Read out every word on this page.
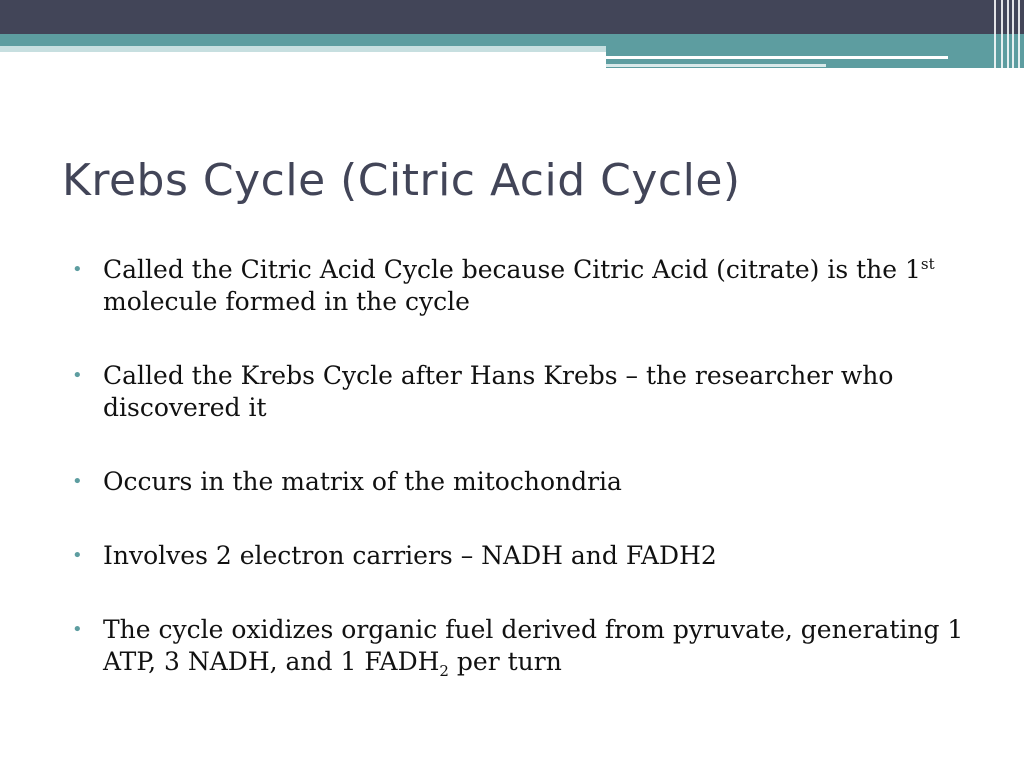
Krebs Cycle (Citric Acid Cycle)
• Called the Citric Acid Cycle because Citric Acid (citrate) is the 1st molecule formed in the cycle
• Called the Krebs Cycle after Hans Krebs – the researcher who discovered it
• Occurs in the matrix of the mitochondria
• Involves 2 electron carriers – NADH and FADH2
• The cycle oxidizes organic fuel derived from pyruvate, generating 1 ATP, 3 NADH, and 1 $FADH_2$ per turn
